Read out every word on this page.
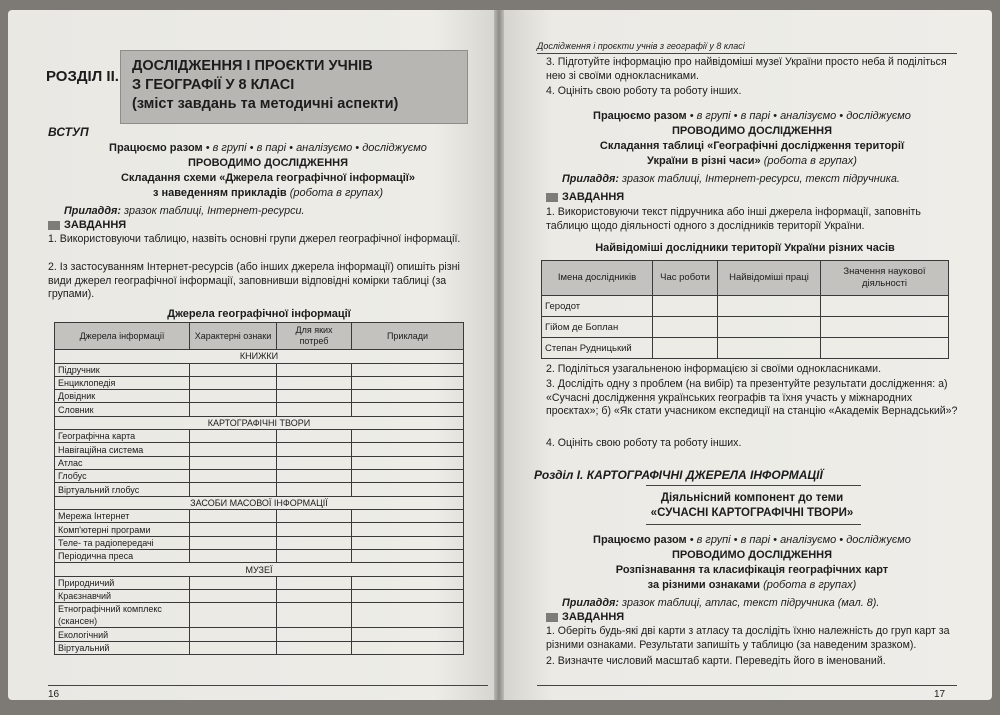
РОЗДІЛ ІІ.
ДОСЛІДЖЕННЯ І ПРОЄКТИ УЧНІВ
З ГЕОГРАФІЇ У 8 КЛАСІ
(зміст завдань та методичні аспекти)
ВСТУП
Працюємо разом • в групі • в парі • аналізуємо • досліджуємо
ПРОВОДИМО ДОСЛІДЖЕННЯ
Складання схеми «Джерела географічної інформації»
з наведенням прикладів (робота в групах)
Приладдя: зразок таблиці, Інтернет-ресурси.
ЗАВДАННЯ
1. Використовуючи таблицю, назвіть основні групи джерел географічної інформації.
2. Із застосуванням Інтернет-ресурсів (або інших джерела інформації) опишіть різні види джерел географічної інформації, заповнивши відповідні комірки таблиці (за групами).
Джерела географічної інформації
Джерела інформації	Характерні ознаки	Для яких потреб	Приклади
КНИЖКИ			
Підручник			
Енциклопедія			
Довідник			
Словник			
КАРТОГРАФІЧНІ ТВОРИ			
Географічна карта			
Навігаційна система			
Атлас			
Глобус			
Віртуальний глобус			
ЗАСОБИ МАСОВОЇ ІНФОРМАЦІЇ			
Мережа Інтернет			
Комп'ютерні програми			
Теле- та радіопередачі			
Періодична преса			
МУЗЕЇ			
Природничий			
Краєзнавчий			
Етнографічний комплекс (скансен)			
Екологічний			
Віртуальний			
16
Дослідження і проєкти учнів з географії у 8 класі
3. Підготуйте інформацію про найвідоміші музеї України просто неба й поділіться нею зі своїми однокласниками.
4. Оцініть свою роботу та роботу інших.
Працюємо разом • в групі • в парі • аналізуємо • досліджуємо
ПРОВОДИМО ДОСЛІДЖЕННЯ
Складання таблиці «Географічні дослідження території
України в різні часи» (робота в групах)
Приладдя: зразок таблиці, Інтернет-ресурси, текст підручника.
ЗАВДАННЯ
1. Використовуючи текст підручника або інші джерела інформації, заповніть таблицю щодо діяльності одного з дослідників території України.
Найвідоміші дослідники території України різних часів
2. Поділіться узагальненою інформацією зі своїми однокласниками.
3. Дослідіть одну з проблем (на вибір) та презентуйте результати дослідження: а) «Сучасні дослідження українських географів та їхня участь у міжнародних проєктах»; б) «Як стати учасником експедиції на станцію «Академік Вернадський»?
4. Оцініть свою роботу та роботу інших.
Розділ І. КАРТОГРАФІЧНІ ДЖЕРЕЛА ІНФОРМАЦІЇ
Діяльнісний компонент до теми
«СУЧАСНІ КАРТОГРАФІЧНІ ТВОРИ»
Працюємо разом • в групі • в парі • аналізуємо • досліджуємо
ПРОВОДИМО ДОСЛІДЖЕННЯ
Розпізнавання та класифікація географічних карт
за різними ознаками (робота в групах)
Приладдя: зразок таблиці, атлас, текст підручника (мал. 8).
ЗАВДАННЯ
1. Оберіть будь-які дві карти з атласу та дослідіть їхню належність до груп карт за різними ознаками. Результати запишіть у таблицю (за наведеним зразком).
2. Визначте числовий масштаб карти. Переведіть його в іменований.
17
Імена дослідників	Час роботи	Найвідоміші праці	Значення наукової діяльності
Геродот			
Гійом де Боплан			
Степан Рудницький			
